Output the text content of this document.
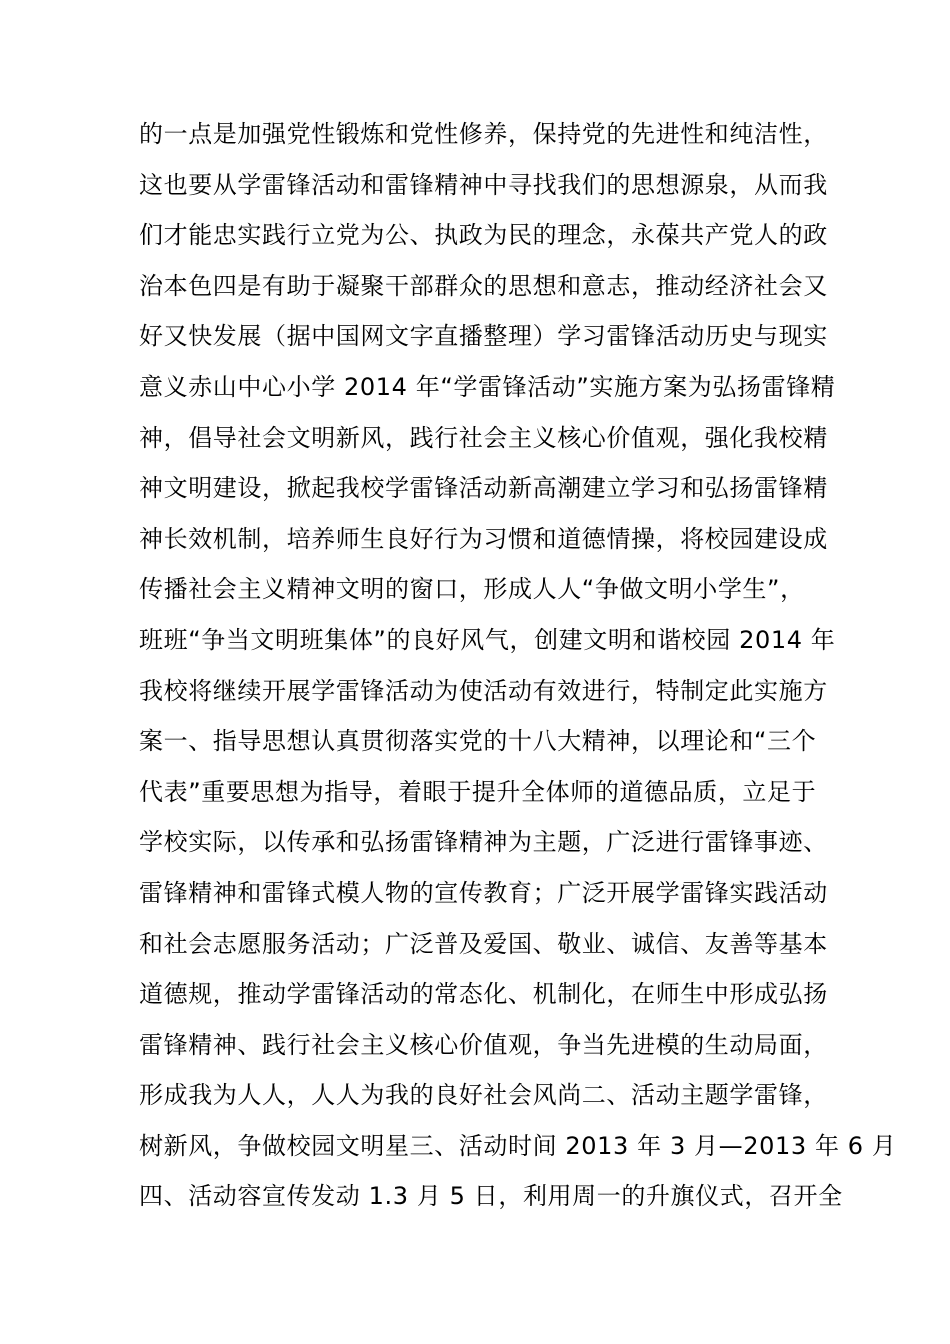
的一点是加强党性锻炼和党性修养，保持党的先进性和纯洁性，
这也要从学雷锋活动和雷锋精神中寻找我们的思想源泉，从而我
们才能忠实践行立党为公、执政为民的理念，永葆共产党人的政
治本色四是有助于凝聚干部群众的思想和意志，推动经济社会又
好又快发展（据中国网文字直播整理）学习雷锋活动历史与现实
意义赤山中心小学 2014 年“学雷锋活动”实施方案为弘扬雷锋精
神，倡导社会文明新风，践行社会主义核心价值观，强化我校精
神文明建设，掀起我校学雷锋活动新高潮建立学习和弘扬雷锋精
神长效机制，培养师生良好行为习惯和道德情操，将校园建设成
传播社会主义精神文明的窗口，形成人人“争做文明小学生”，
班班“争当文明班集体”的良好风气，创建文明和谐校园 2014 年
我校将继续开展学雷锋活动为使活动有效进行，特制定此实施方
案一、指导思想认真贯彻落实党的十八大精神，以理论和“三个
代表”重要思想为指导，着眼于提升全体师的道德品质，立足于
学校实际，以传承和弘扬雷锋精神为主题，广泛进行雷锋事迹、
雷锋精神和雷锋式模人物的宣传教育；广泛开展学雷锋实践活动
和社会志愿服务活动；广泛普及爱国、敬业、诚信、友善等基本
道德规，推动学雷锋活动的常态化、机制化，在师生中形成弘扬
雷锋精神、践行社会主义核心价值观，争当先进模的生动局面，
形成我为人人，人人为我的良好社会风尚二、活动主题学雷锋，
树新风，争做校园文明星三、活动时间 2013 年 3 月—2013 年 6 月
四、活动容宣传发动 1.3 月 5 日，利用周一的升旗仪式，召开全
